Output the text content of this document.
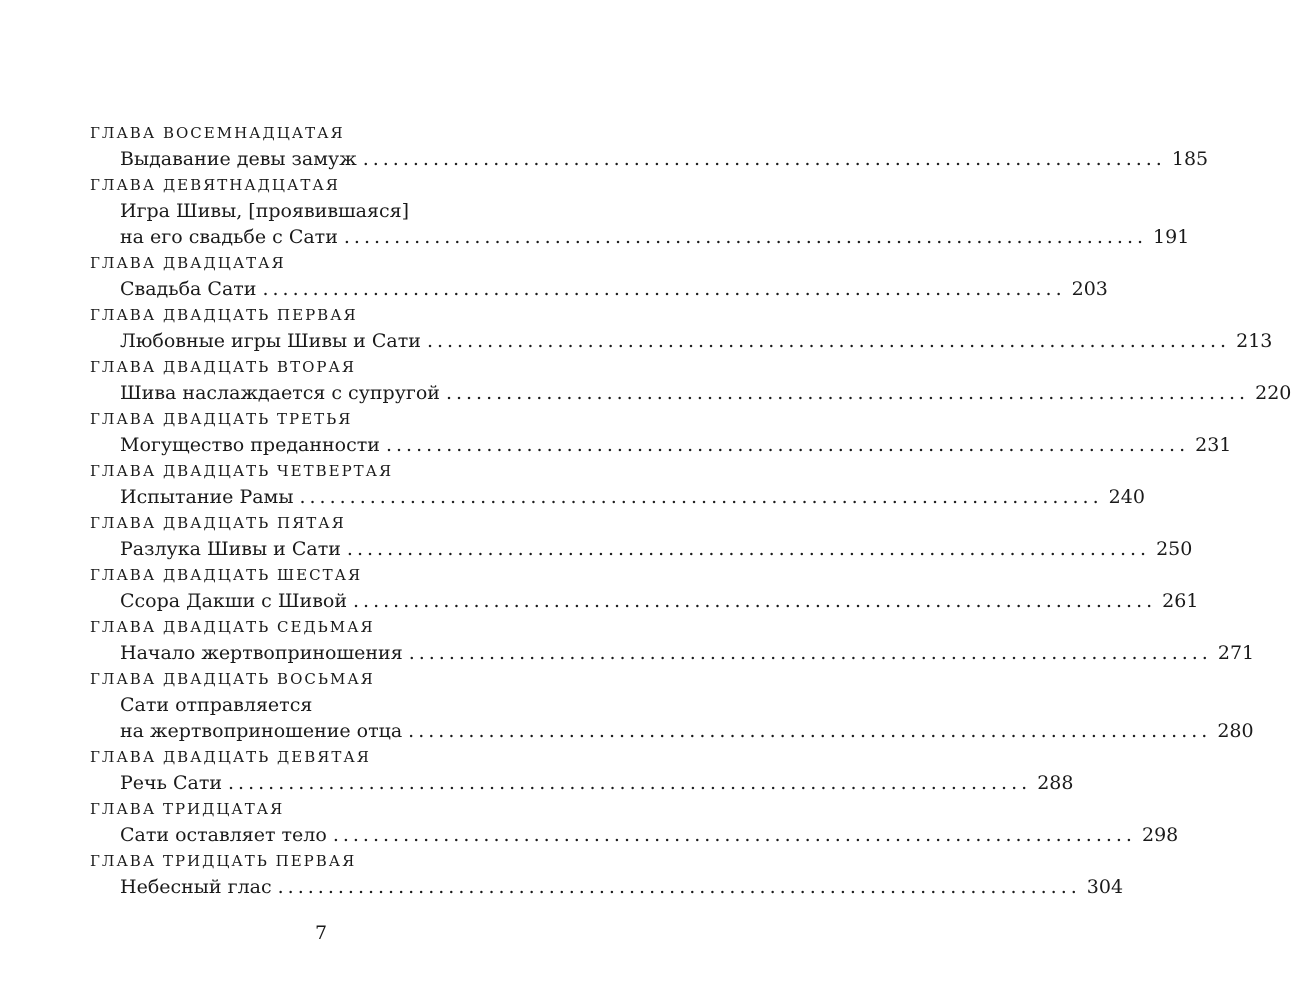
ГЛАВА ВОСЕМНАДЦАТАЯ
Выдавание девы замуж ................................................................................ 185
ГЛАВА ДЕВЯТНАДЦАТАЯ
Игра Шивы, [проявившаяся]
на его свадьбе с Сати ................................................................................ 191
ГЛАВА ДВАДЦАТАЯ
Свадьба Сати ................................................................................ 203
ГЛАВА ДВАДЦАТЬ ПЕРВАЯ
Любовные игры Шивы и Сати ................................................................................ 213
ГЛАВА ДВАДЦАТЬ ВТОРАЯ
Шива наслаждается с супругой ................................................................................ 220
ГЛАВА ДВАДЦАТЬ ТРЕТЬЯ
Могущество преданности ................................................................................ 231
ГЛАВА ДВАДЦАТЬ ЧЕТВЕРТАЯ
Испытание Рамы ................................................................................ 240
ГЛАВА ДВАДЦАТЬ ПЯТАЯ
Разлука Шивы и Сати ................................................................................ 250
ГЛАВА ДВАДЦАТЬ ШЕСТАЯ
Ссора Дакши с Шивой ................................................................................ 261
ГЛАВА ДВАДЦАТЬ СЕДЬМАЯ
Начало жертвоприношения ................................................................................ 271
ГЛАВА ДВАДЦАТЬ ВОСЬМАЯ
Сати отправляется
на жертвоприношение отца ................................................................................ 280
ГЛАВА ДВАДЦАТЬ ДЕВЯТАЯ
Речь Сати ................................................................................ 288
ГЛАВА ТРИДЦАТАЯ
Сати оставляет тело ................................................................................ 298
ГЛАВА ТРИДЦАТЬ ПЕРВАЯ
Небесный глас ................................................................................ 304
7
